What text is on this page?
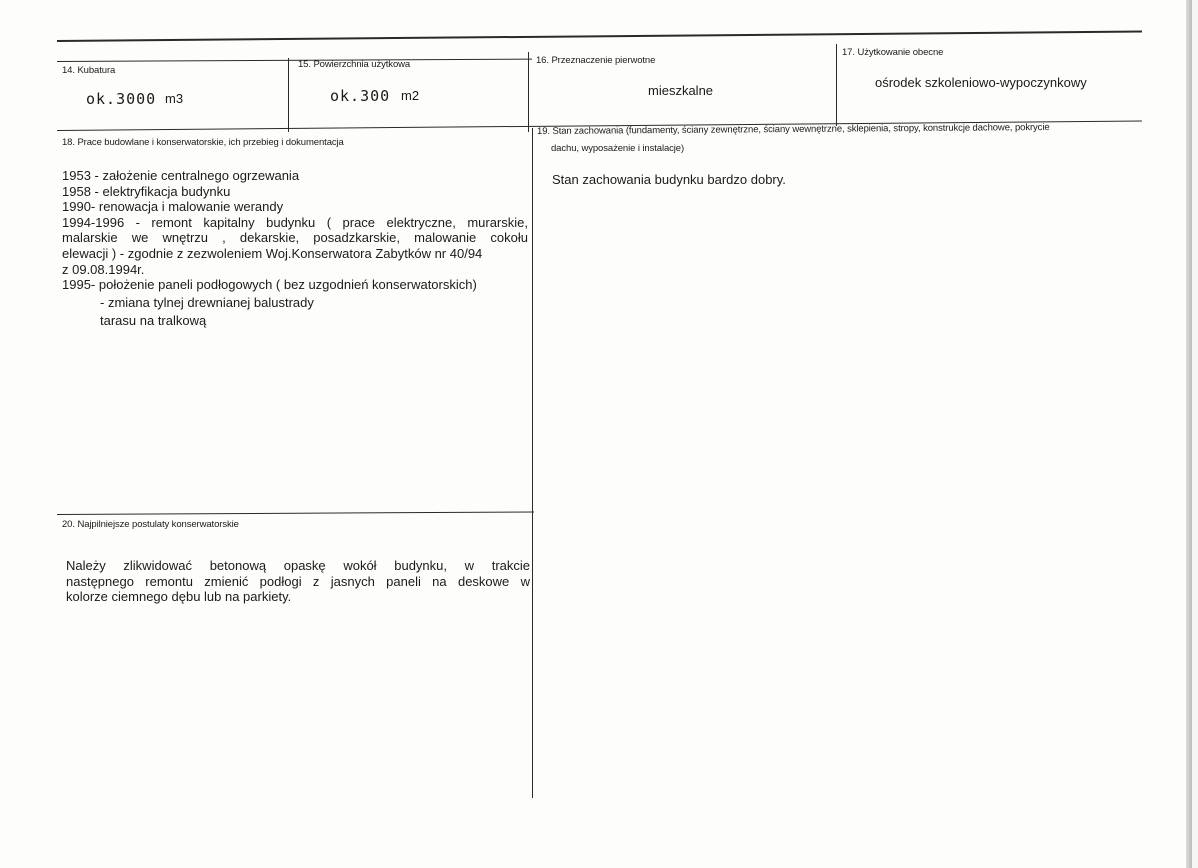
14. Kubatura
ok.3000 m3
15. Powierzchnia użytkowa
ok.300 m2
16. Przeznaczenie pierwotne
mieszkalne
17. Użytkowanie obecne
ośrodek szkoleniowo-wypoczynkowy
18. Prace budowlane i konserwatorskie, ich przebieg i dokumentacja
1953 - założenie centralnego ogrzewania
1958 - elektryfikacja budynku
1990- renowacja i malowanie werandy
1994-1996 - remont kapitalny budynku ( prace elektryczne, murarskie,
malarskie we wnętrzu , dekarskie, posadzkarskie, malowanie cokołu
elewacji ) - zgodnie z zezwoleniem Woj.Konserwatora Zabytków nr 40/94
z 09.08.1994r.
1995- położenie paneli podłogowych ( bez uzgodnień konserwatorskich)
- zmiana tylnej drewnianej balustrady
tarasu na tralkową
19. Stan zachowania (fundamenty, ściany zewnętrzne, ściany wewnętrzne, sklepienia, stropy, konstrukcje dachowe, pokrycie
dachu, wyposażenie i instalacje)
Stan zachowania budynku bardzo dobry.
20. Najpilniejsze postulaty konserwatorskie
Należy zlikwidować betonową opaskę wokół budynku, w trakcie
następnego remontu zmienić podłogi z jasnych paneli na deskowe w
kolorze ciemnego dębu lub na parkiety.
